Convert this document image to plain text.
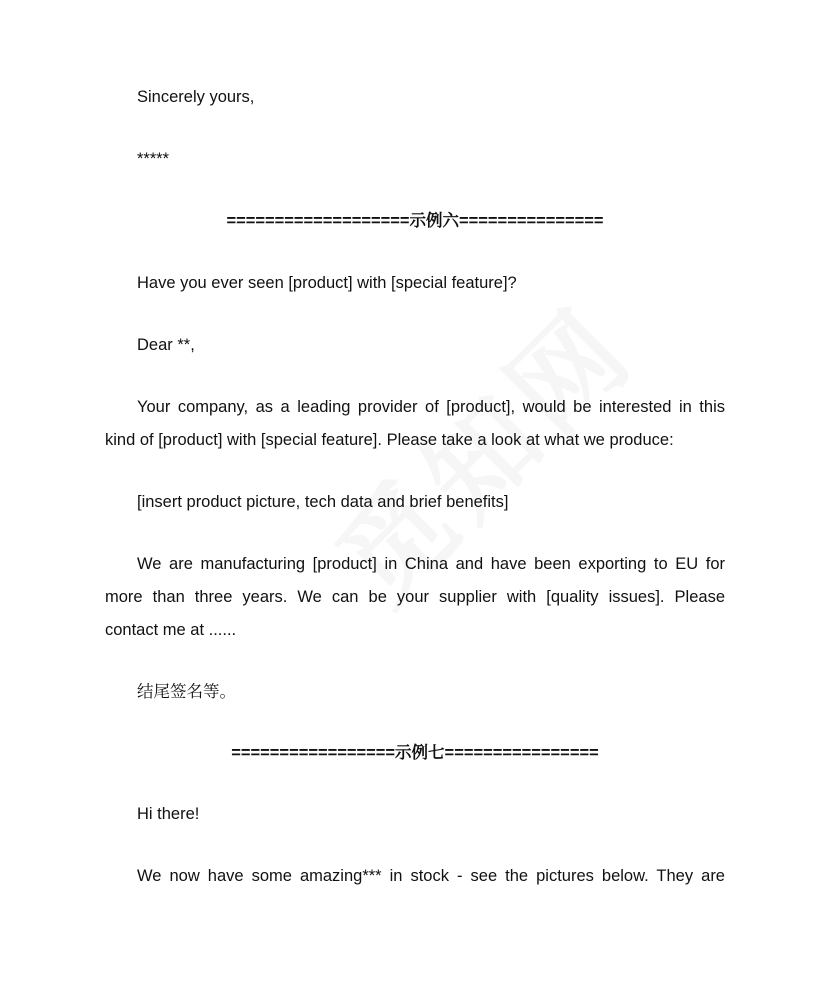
Sincerely yours,
*****
===================示例六===============
Have you ever seen [product] with [special feature]?
Dear **,
Your company, as a leading provider of [product], would be interested in this
kind of [product] with [special feature]. Please take a look at what we produce:
[insert product picture, tech data and brief benefits]
We are manufacturing [product] in China and have been exporting to EU for
more than three years. We can be your supplier with [quality issues]. Please
contact me at ......
结尾签名等。
=================示例七================
Hi there!
We now have some amazing*** in stock - see the pictures below. They are
